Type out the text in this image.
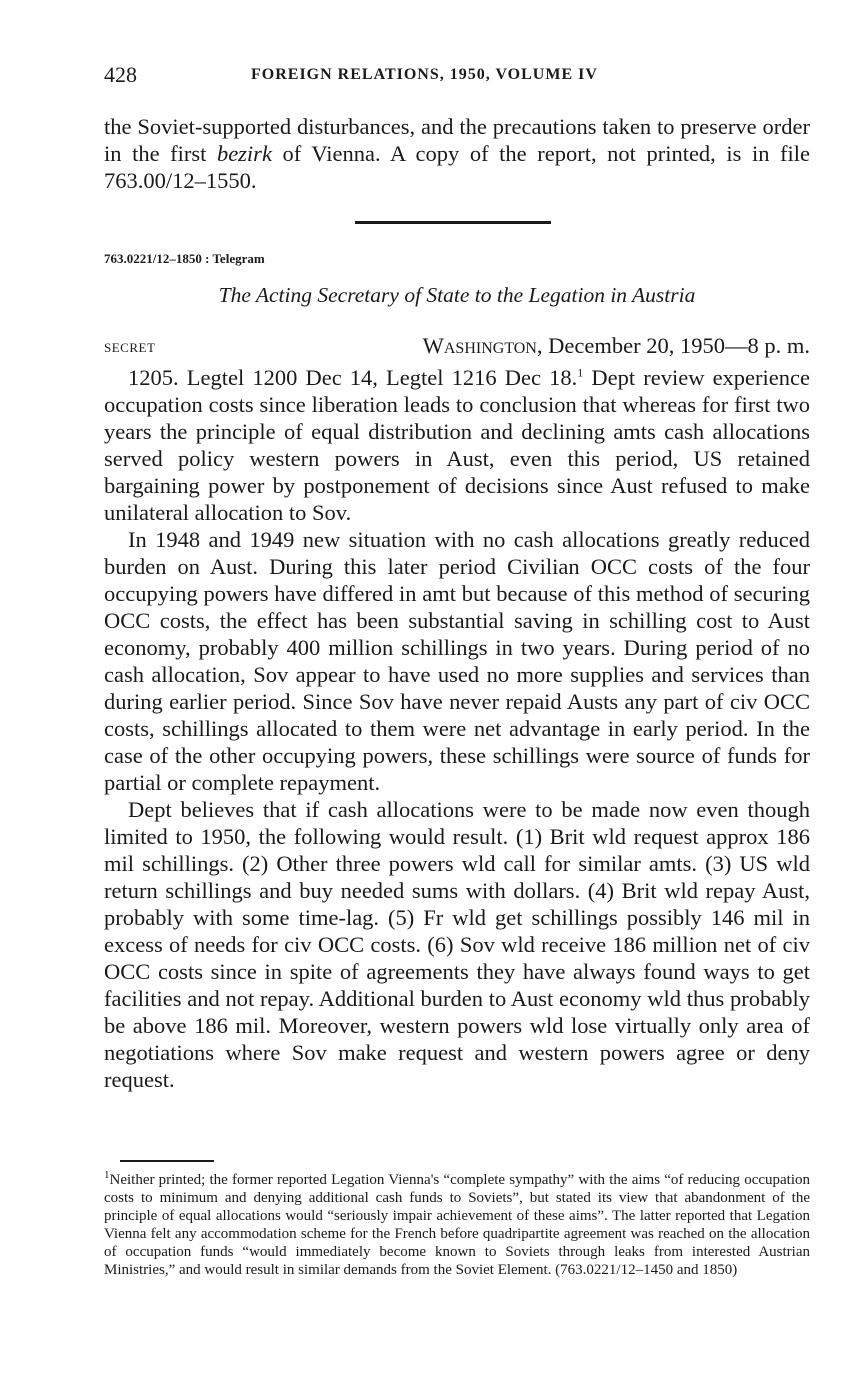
428	FOREIGN RELATIONS, 1950, VOLUME IV

the Soviet-supported disturbances, and the precautions taken to preserve order in the first bezirk of Vienna. A copy of the report, not printed, is in file 763.00/12–1550.

763.0221/12–1850 : Telegram
The Acting Secretary of State to the Legation in Austria
SECRET	Washington, December 20, 1950—8 p. m.

1205. Legtel 1200 Dec 14, Legtel 1216 Dec 18.$^1$ Dept review experience occupation costs since liberation leads to conclusion that whereas for first two years the principle of equal distribution and declining amts cash allocations served policy western powers in Aust, even this period, US retained bargaining power by postponement of decisions since Aust refused to make unilateral allocation to Sov.

In 1948 and 1949 new situation with no cash allocations greatly reduced burden on Aust. During this later period Civilian OCC costs of the four occupying powers have differed in amt but because of this method of securing OCC costs, the effect has been substantial saving in schilling cost to Aust economy, probably 400 million schillings in two years. During period of no cash allocation, Sov appear to have used no more supplies and services than during earlier period. Since Sov have never repaid Austs any part of civ OCC costs, schillings allocated to them were net advantage in early period. In the case of the other occupying powers, these schillings were source of funds for partial or complete repayment.

Dept believes that if cash allocations were to be made now even though limited to 1950, the following would result. (1) Brit wld request approx 186 mil schillings. (2) Other three powers wld call for similar amts. (3) US wld return schillings and buy needed sums with dollars. (4) Brit wld repay Aust, probably with some time-lag. (5) Fr wld get schillings possibly 146 mil in excess of needs for civ OCC costs. (6) Sov wld receive 186 million net of civ OCC costs since in spite of agreements they have always found ways to get facilities and not repay. Additional burden to Aust economy wld thus probably be above 186 mil. Moreover, western powers wld lose virtually only area of negotiations where Sov make request and western powers agree or deny request.

$^1$Neither printed; the former reported Legation Vienna's “complete sympathy” with the aims “of reducing occupation costs to minimum and denying additional cash funds to Soviets”, but stated its view that abandonment of the principle of equal allocations would “seriously impair achievement of these aims”. The latter reported that Legation Vienna felt any accommodation scheme for the French before quadripartite agreement was reached on the allocation of occupation funds “would immediately become known to Soviets through leaks from interested Austrian Ministries,” and would result in similar demands from the Soviet Element. (763.0221/12–1450 and 1850)
